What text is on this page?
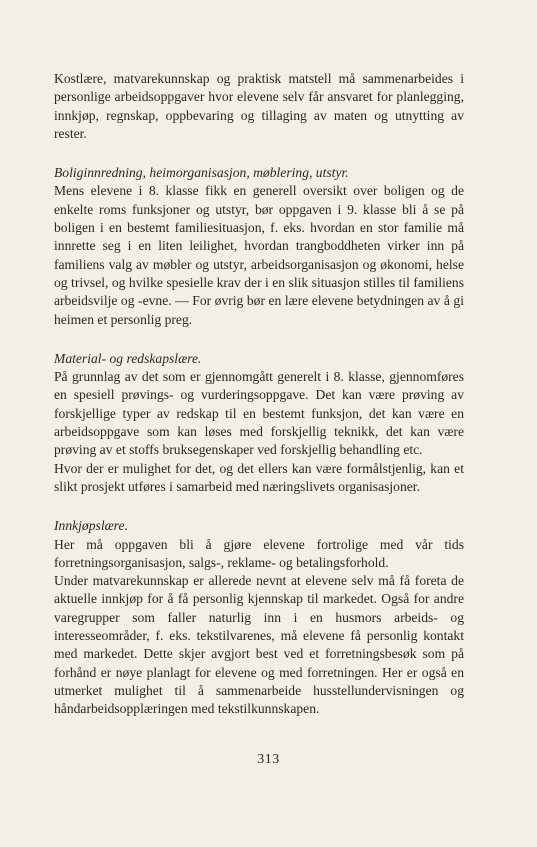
Kostlære, matvarekunnskap og praktisk matstell må sammenarbeides i personlige arbeidsoppgaver hvor elevene selv får ansvaret for planlegging, innkjøp, regnskap, oppbevaring og tillaging av maten og utnytting av rester.

Boliginnredning, heimorganisasjon, møblering, utstyr.

Mens elevene i 8. klasse fikk en generell oversikt over boligen og de enkelte roms funksjoner og utstyr, bør oppgaven i 9. klasse bli å se på boligen i en bestemt familiesituasjon, f. eks. hvordan en stor familie må innrette seg i en liten leilighet, hvordan trangboddheten virker inn på familiens valg av møbler og utstyr, arbeidsorganisasjon og økonomi, helse og trivsel, og hvilke spesielle krav der i en slik situasjon stilles til familiens arbeidsvilje og -evne. — For øvrig bør en lære elevene betydningen av å gi heimen et personlig preg.

Material- og redskapslære.

På grunnlag av det som er gjennomgått generelt i 8. klasse, gjennomføres en spesiell prøvings- og vurderingsoppgave. Det kan være prøving av forskjellige typer av redskap til en bestemt funksjon, det kan være en arbeidsoppgave som kan løses med forskjellig teknikk, det kan være prøving av et stoffs bruksegenskaper ved forskjellig behandling etc.

Hvor der er mulighet for det, og det ellers kan være formålstjenlig, kan et slikt prosjekt utføres i samarbeid med næringslivets organisasjoner.

Innkjøpslære.

Her må oppgaven bli å gjøre elevene fortrolige med vår tids forretningsorganisasjon, salgs-, reklame- og betalingsforhold.

Under matvarekunnskap er allerede nevnt at elevene selv må få foreta de aktuelle innkjøp for å få personlig kjennskap til markedet. Også for andre varegrupper som faller naturlig inn i en husmors arbeids- og interesseområder, f. eks. tekstilvarenes, må elevene få personlig kontakt med markedet. Dette skjer avgjort best ved et forretningsbesøk som på forhånd er nøye planlagt for elevene og med forretningen. Her er også en utmerket mulighet til å sammenarbeide husstellundervisningen og håndarbeidsopplæringen med tekstilkunnskapen.

313
